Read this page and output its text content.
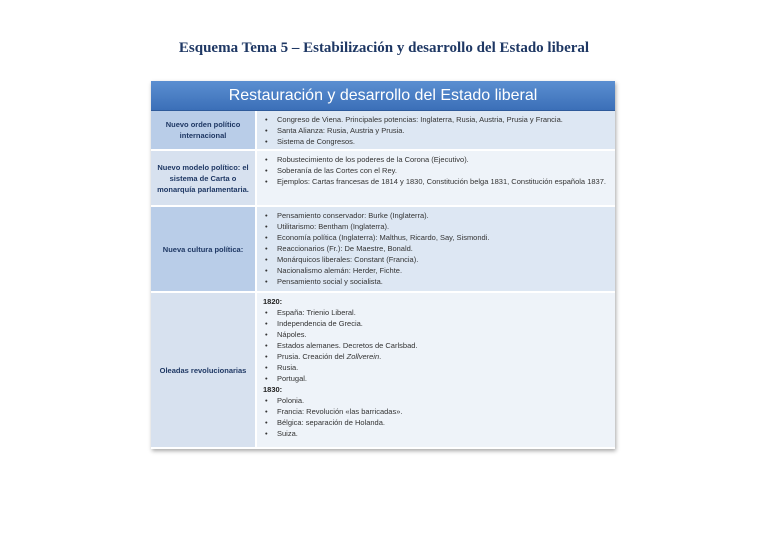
Esquema Tema 5 – Estabilización y desarrollo del Estado liberal
Restauración y desarrollo del Estado liberal
Nuevo orden político internacional
• Congreso de Viena. Principales potencias: Inglaterra, Rusia, Austria, Prusia y Francia.
• Santa Alianza: Rusia, Austria y Prusia.
• Sistema de Congresos.
Nuevo modelo político: el sistema de Carta o monarquía parlamentaria.
• Robustecimiento de los poderes de la Corona (Ejecutivo).
• Soberanía de las Cortes con el Rey.
• Ejemplos: Cartas francesas de 1814 y 1830, Constitución belga 1831, Constitución española 1837.
Nueva cultura política:
• Pensamiento conservador: Burke (Inglaterra).
• Utilitarismo: Bentham (Inglaterra).
• Economía política (Inglaterra): Malthus, Ricardo, Say, Sismondi.
• Reaccionarios (Fr.): De Maestre, Bonald.
• Monárquicos liberales: Constant (Francia).
• Nacionalismo alemán: Herder, Fichte.
• Pensamiento social y socialista.
Oleadas revolucionarias
1820:
• España: Trienio Liberal.
• Independencia de Grecia.
• Nápoles.
• Estados alemanes. Decretos de Carlsbad.
• Prusia. Creación del Zollverein.
• Rusia.
• Portugal.
1830:
• Polonia.
• Francia: Revolución «las barricadas».
• Bélgica: separación de Holanda.
• Suiza.
